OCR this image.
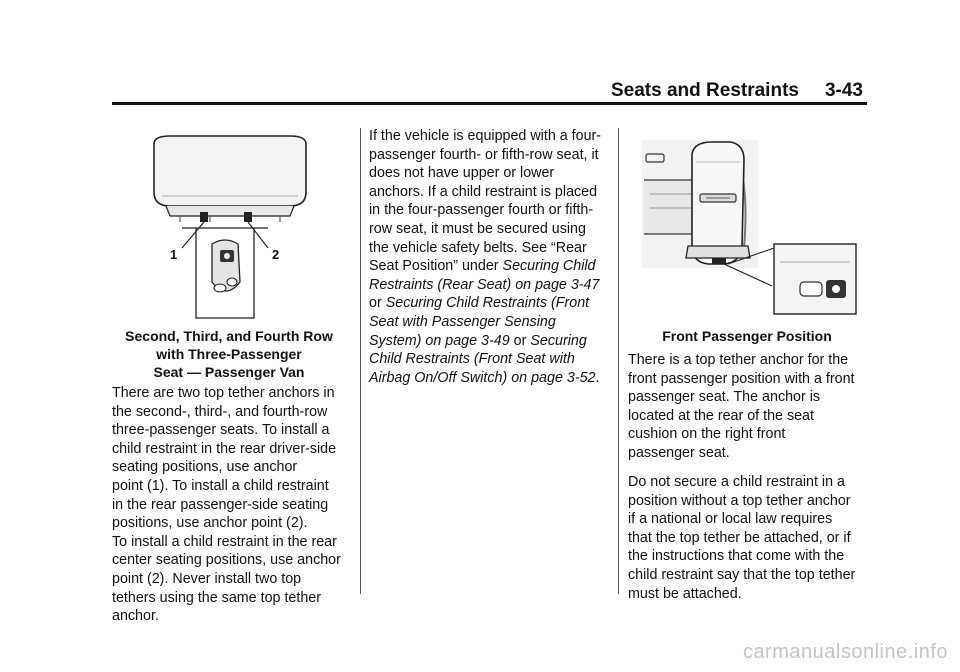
Seats and Restraints 3-43
1	2
Second, Third, and Fourth Row
with Three-Passenger
Seat — Passenger Van
There are two top tether anchors in
the second-, third-, and fourth-row
three-passenger seats. To install a
child restraint in the rear driver-side
seating positions, use anchor
point (1). To install a child restraint
in the rear passenger-side seating
positions, use anchor point (2).
To install a child restraint in the rear
center seating positions, use anchor
point (2). Never install two top
tethers using the same top tether
anchor.
If the vehicle is equipped with a four-passenger fourth- or fifth-row seat, it does not have upper or lower anchors. If a child restraint is placed in the four-passenger fourth or fifth-row seat, it must be secured using the vehicle safety belts. See “Rear Seat Position” under Securing Child Restraints (Rear Seat) on page 3-47 or Securing Child Restraints (Front Seat with Passenger Sensing System) on page 3-49 or Securing Child Restraints (Front Seat with Airbag On/Off Switch) on page 3-52.
Front Passenger Position
There is a top tether anchor for the
front passenger position with a front
passenger seat. The anchor is
located at the rear of the seat
cushion on the right front
passenger seat.
Do not secure a child restraint in a
position without a top tether anchor
if a national or local law requires
that the top tether be attached, or if
the instructions that come with the
child restraint say that the top tether
must be attached.
carmanualsonline.info
